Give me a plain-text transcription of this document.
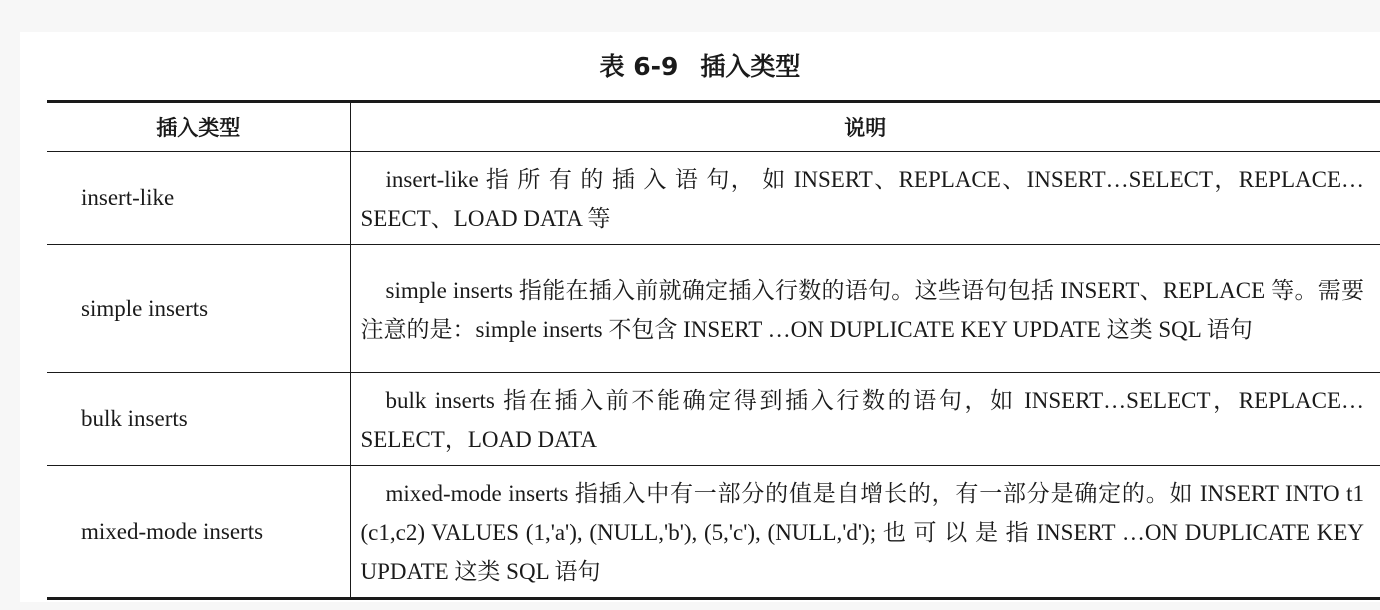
表 6-9 插入类型
插入类型	说明
insert-like	insert-like 指 所 有 的 插 入 语 句， 如 INSERT、REPLACE、INSERT…SELECT，REPLACE…SEECT、LOAD DATA 等
simple inserts	simple inserts 指能在插入前就确定插入行数的语句。这些语句包括 INSERT、REPLACE 等。需要注意的是：simple inserts 不包含 INSERT …ON DUPLICATE KEY UPDATE 这类 SQL 语句
bulk inserts	bulk inserts 指在插入前不能确定得到插入行数的语句，如 INSERT…SELECT，REPLACE…SELECT，LOAD DATA
mixed-mode inserts	mixed-mode inserts 指插入中有一部分的值是自增长的，有一部分是确定的。如 INSERT INTO t1 (c1,c2) VALUES (1,'a'), (NULL,'b'), (5,'c'), (NULL,'d'); 也 可 以 是 指 INSERT …ON DUPLICATE KEY UPDATE 这类 SQL 语句
